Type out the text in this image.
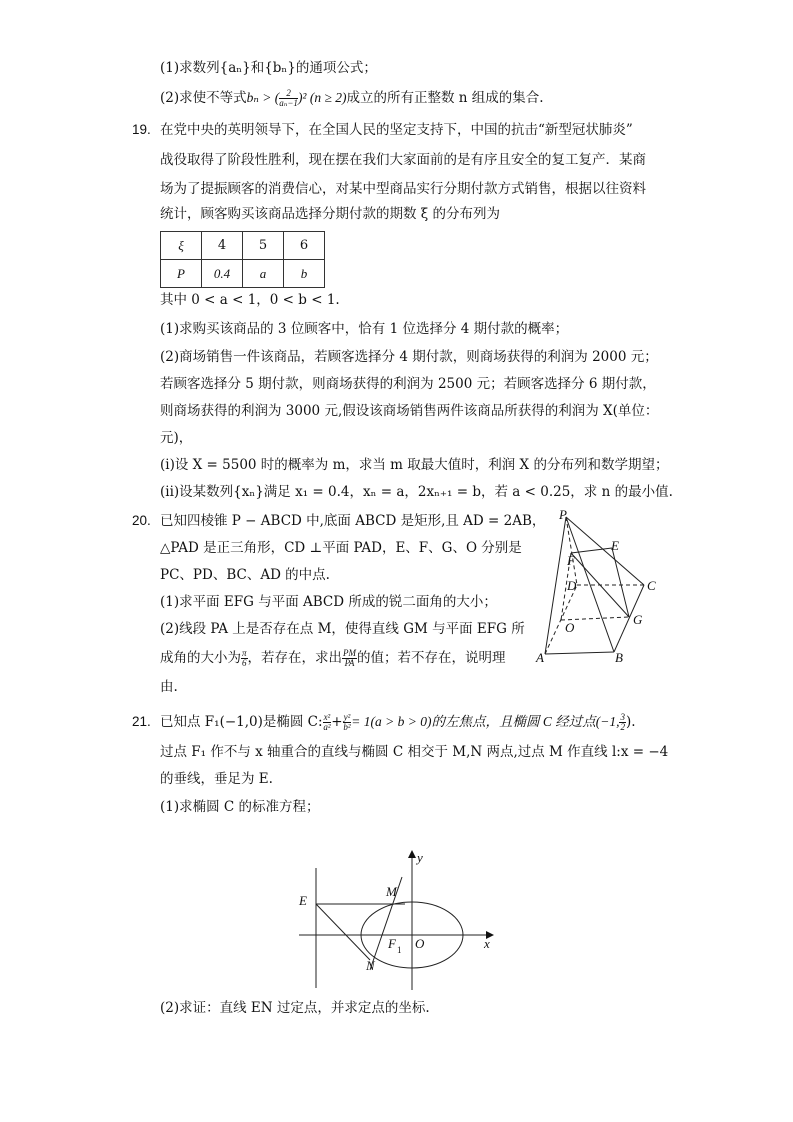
(1)求数列{aₙ}和{bₙ}的通项公式；
(2)求使不等式bₙ > ( $\frac{2}{\text{aₙ−1}} )^2$ (n ≥ 2)成立的所有正整数 n 组成的集合.
19. 在党中央的英明领导下，在全国人民的坚定支持下，中国的抗击“新型冠状肺炎”
战役取得了阶段性胜利，现在摆在我们大家面前的是有序且安全的复工复产．某商
场为了提振顾客的消费信心，对某中型商品实行分期付款方式销售，根据以往资料
统计，顾客购买该商品选择分期付款的期数 ξ 的分布列为
ξ	4	5	6
P	0.4	a	b
其中 0 < a < 1，0 < b < 1.
(1)求购买该商品的 3 位顾客中，恰有 1 位选择分 4 期付款的概率；
(2)商场销售一件该商品，若顾客选择分 4 期付款，则商场获得的利润为 2000 元；
若顾客选择分 5 期付款，则商场获得的利润为 2500 元；若顾客选择分 6 期付款，
则商场获得的利润为 3000 元,假设该商场销售两件该商品所获得的利润为 X(单位：
元)，
(i)设 X = 5500 时的概率为 m，求当 m 取最大值时，利润 X 的分布列和数学期望；
(ii)设某数列{xₙ}满足 x₁ = 0.4，xₙ = a，2xₙ₊₁ = b，若 a < 0.25，求 n 的最小值.
20. 已知四棱锥 P − ABCD 中,底面 ABCD 是矩形,且 AD = 2AB，
△PAD 是正三角形，CD ⊥平面 PAD，E、F、G、O 分别是
PC、PD、BC、AD 的中点.
(1)求平面 EFG 与平面 ABCD 所成的锐二面角的大小；
(2)线段 PA 上是否存在点 M，使得直线 GM 与平面 EFG 所
成角的大小为 $\frac{\pi}{6}$ ，若存在，求出 $\frac{PM}{PA}$ 的值；若不存在，说明理
由.
P
E
F
D	C
O
G
A	B
21. 已知点 F₁(−1,0)是椭圆 C: $\frac{\text{x²}}{\text{a²}} + \frac{\text{y²}}{\text{b²}} = 1(a > b > 0)$的左焦点，且椭圆 C 经过点(−1, $\frac{3}{2}$ ).
过点 F₁ 作不与 x 轴重合的直线与椭圆 C 相交于 M,N 两点,过点 M 作直线 l:x = −4
的垂线，垂足为 E.
(1)求椭圆 C 的标准方程；
y
x
E
M
F 1 O
N
(2)求证：直线 EN 过定点，并求定点的坐标.
